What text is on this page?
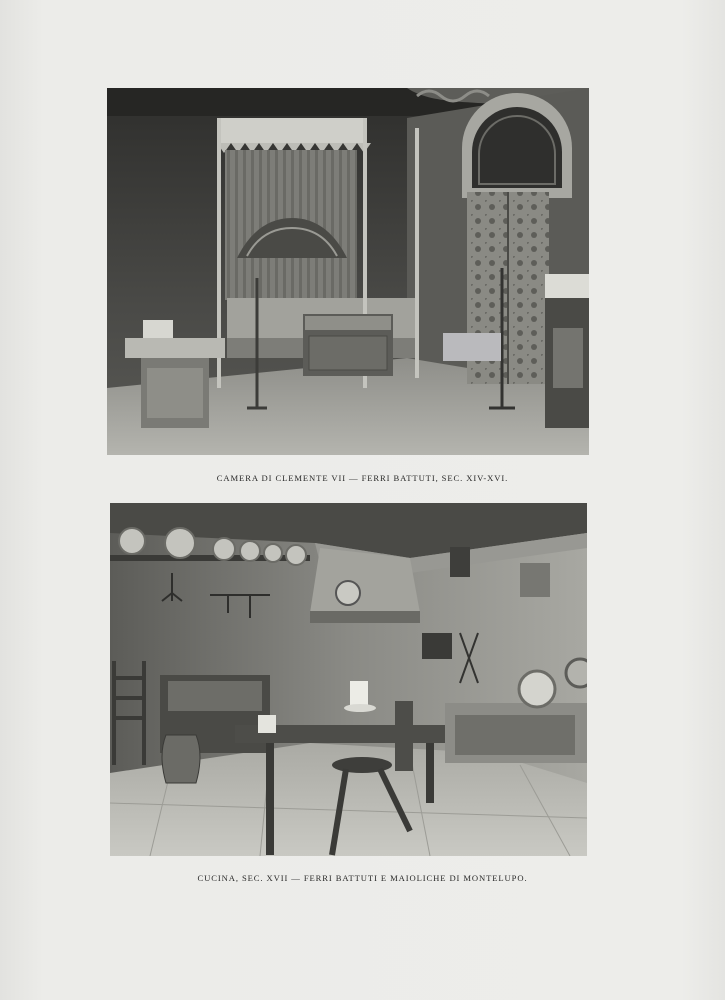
CAMERA DI CLEMENTE VII — FERRI BATTUTI, SEC. XIV-XVI.
CUCINA, SEC. XVII — FERRI BATTUTI E MAIOLICHE DI MONTELUPO.
